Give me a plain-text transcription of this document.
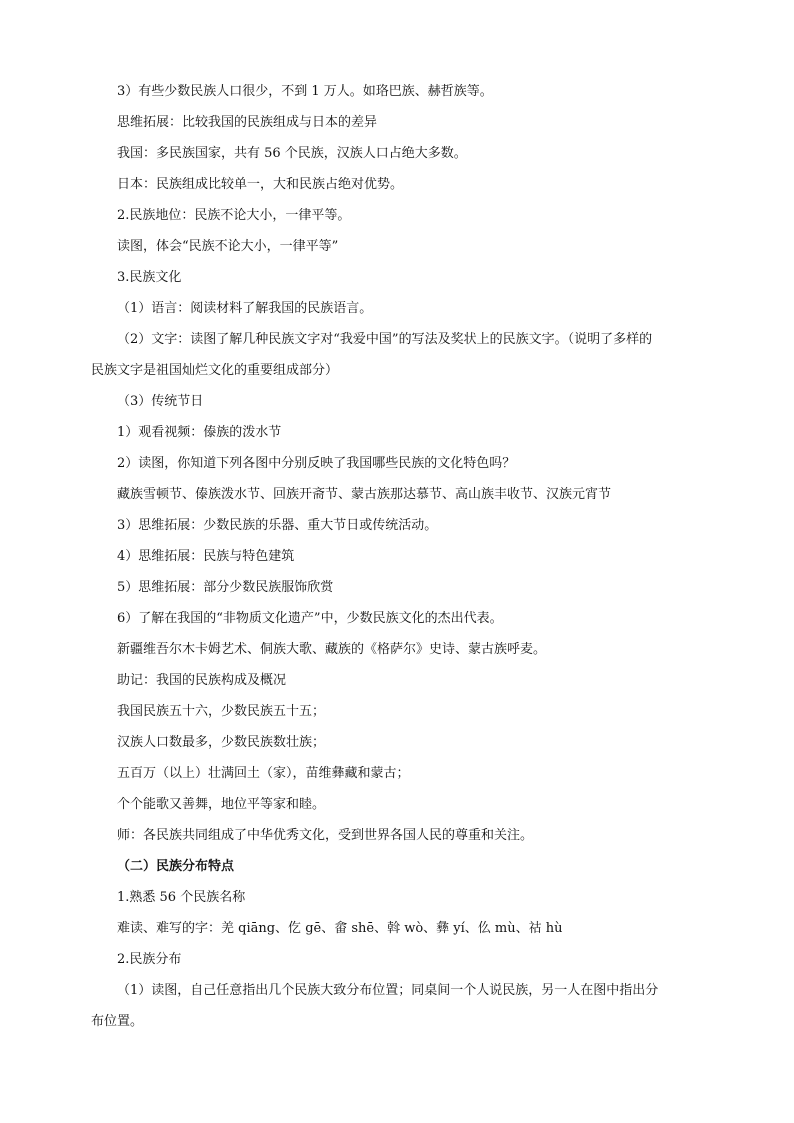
3）有些少数民族人口很少，不到 1 万人。如珞巴族、赫哲族等。
思维拓展：比较我国的民族组成与日本的差异
我国：多民族国家，共有 56 个民族，汉族人口占绝大多数。
日本：民族组成比较单一，大和民族占绝对优势。
2.民族地位：民族不论大小，一律平等。
读图，体会“民族不论大小，一律平等”
3.民族文化
（1）语言：阅读材料了解我国的民族语言。
（2）文字：读图了解几种民族文字对“我爱中国”的写法及奖状上的民族文字。（说明了多样的
民族文字是祖国灿烂文化的重要组成部分）
（3）传统节日
1）观看视频：傣族的泼水节
2）读图，你知道下列各图中分别反映了我国哪些民族的文化特色吗？
藏族雪顿节、傣族泼水节、回族开斋节、蒙古族那达慕节、高山族丰收节、汉族元宵节
3）思维拓展：少数民族的乐器、重大节日或传统活动。
4）思维拓展：民族与特色建筑
5）思维拓展：部分少数民族服饰欣赏
6）了解在我国的“非物质文化遗产”中，少数民族文化的杰出代表。
新疆维吾尔木卡姆艺术、侗族大歌、藏族的《格萨尔》史诗、蒙古族呼麦。
助记：我国的民族构成及概况
我国民族五十六，少数民族五十五；
汉族人口数最多，少数民族数壮族；
五百万（以上）壮满回土（家），苗维彝藏和蒙古；
个个能歌又善舞，地位平等家和睦。
师：各民族共同组成了中华优秀文化，受到世界各国人民的尊重和关注。
（二）民族分布特点
1.熟悉 56 个民族名称
难读、难写的字：羌 qiāng、仡 gē、畲 shē、斡 wò、彝 yí、仫 mù、祜 hù
2.民族分布
（1）读图，自己任意指出几个民族大致分布位置；同桌间一个人说民族，另一人在图中指出分
布位置。
